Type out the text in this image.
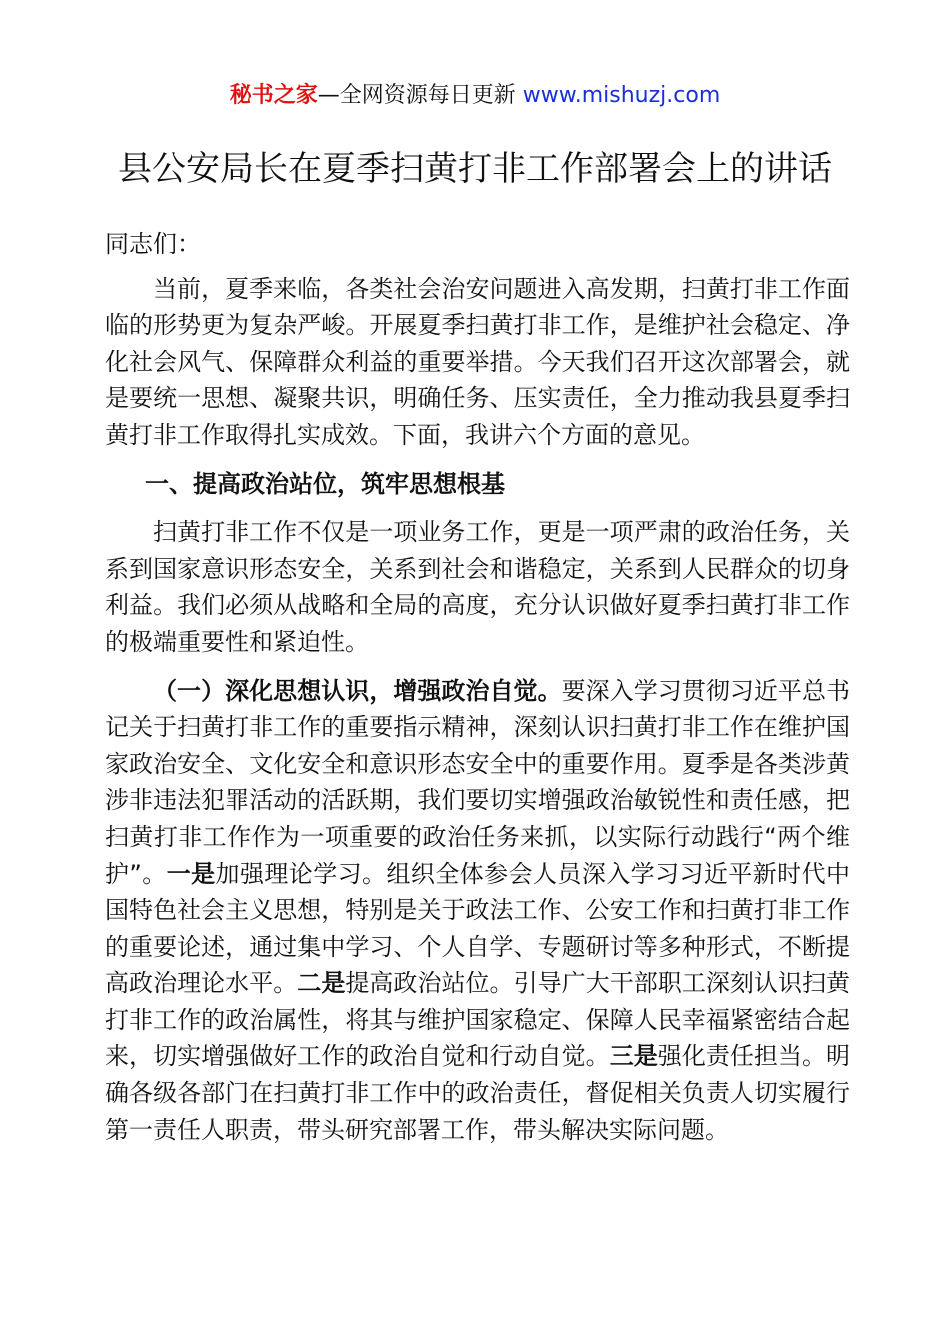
秘书之家—全网资源每日更新 www.mishuzj.com
县公安局长在夏季扫黄打非工作部署会上的讲话

同志们：

当前，夏季来临，各类社会治安问题进入高发期，扫黄打非工作面临的形势更为复杂严峻。开展夏季扫黄打非工作，是维护社会稳定、净化社会风气、保障群众利益的重要举措。今天我们召开这次部署会，就是要统一思想、凝聚共识，明确任务、压实责任，全力推动我县夏季扫黄打非工作取得扎实成效。下面，我讲六个方面的意见。

一、提高政治站位，筑牢思想根基

扫黄打非工作不仅是一项业务工作，更是一项严肃的政治任务，关系到国家意识形态安全，关系到社会和谐稳定，关系到人民群众的切身利益。我们必须从战略和全局的高度，充分认识做好夏季扫黄打非工作的极端重要性和紧迫性。

（一）深化思想认识，增强政治自觉。要深入学习贯彻习近平总书记关于扫黄打非工作的重要指示精神，深刻认识扫黄打非工作在维护国家政治安全、文化安全和意识形态安全中的重要作用。夏季是各类涉黄涉非违法犯罪活动的活跃期，我们要切实增强政治敏锐性和责任感，把扫黄打非工作作为一项重要的政治任务来抓，以实际行动践行“两个维护”。一是加强理论学习。组织全体参会人员深入学习习近平新时代中国特色社会主义思想，特别是关于政法工作、公安工作和扫黄打非工作的重要论述，通过集中学习、个人自学、专题研讨等多种形式，不断提高政治理论水平。二是提高政治站位。引导广大干部职工深刻认识扫黄打非工作的政治属性，将其与维护国家稳定、保障人民幸福紧密结合起来，切实增强做好工作的政治自觉和行动自觉。三是强化责任担当。明确各级各部门在扫黄打非工作中的政治责任，督促相关负责人切实履行第一责任人职责，带头研究部署工作，带头解决实际问题。
